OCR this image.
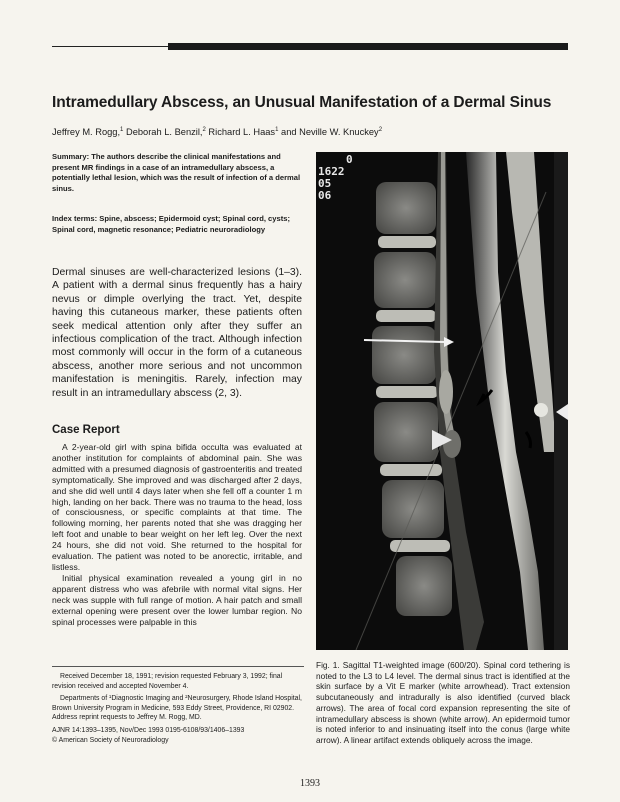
Intramedullary Abscess, an Unusual Manifestation of a Dermal Sinus
Jeffrey M. Rogg,$^1$ Deborah L. Benzil,$^2$ Richard L. Haas$^1$ and Neville W. Knuckey$^2$

Summary: The authors describe the clinical manifestations and present MR findings in a case of an intramedullary abscess, a potentially lethal lesion, which was the result of infection of a dermal sinus.

Index terms: Spine, abscess; Epidermoid cyst; Spinal cord, cysts; Spinal cord, magnetic resonance; Pediatric neuroradiology

Dermal sinuses are well-characterized lesions (1–3). A patient with a dermal sinus frequently has a hairy nevus or dimple overlying the tract. Yet, despite having this cutaneous marker, these patients often seek medical attention only after they suffer an infectious complication of the tract. Although infection most commonly will occur in the form of a cutaneous abscess, another more serious and not uncommon manifestation is meningitis. Rarely, infection may result in an intramedullary abscess (2, 3).

Case Report

A 2-year-old girl with spina bifida occulta was evaluated at another institution for complaints of abdominal pain. She was admitted with a presumed diagnosis of gastroenteritis and treated symptomatically. She improved and was discharged after 2 days, and she did well until 4 days later when she fell off a counter 1 m high, landing on her back. There was no trauma to the head, loss of consciousness, or specific complaints at that time. The following morning, her parents noted that she was dragging her left foot and unable to bear weight on her left leg. Over the next 24 hours, she did not void. She returned to the hospital for evaluation. The patient was noted to be anorectic, irritable, and listless.

Initial physical examination revealed a young girl in no apparent distress who was afebrile with normal vital signs. Her neck was supple with full range of motion. A hair patch and small external opening were present over the lower lumbar region. No spinal processes were palpable in this

Received December 18, 1991; revision requested February 3, 1992; final revision received and accepted November 4.

Departments of ¹Diagnostic Imaging and ²Neurosurgery, Rhode Island Hospital, Brown University Program in Medicine, 593 Eddy Street, Providence, RI 02902. Address reprint requests to Jeffrey M. Rogg, MD.

AJNR 14:1393–1395, Nov/Dec 1993 0195-6108/93/1406–1393

© American Society of Neuroradiology

0
1622
05
06

Fig. 1. Sagittal T1-weighted image (600/20). Spinal cord tethering is noted to the L3 to L4 level. The dermal sinus tract is identified at the skin surface by a Vit E marker (white arrowhead). Tract extension subcutaneously and intradurally is also identified (curved black arrows). The area of focal cord expansion representing the site of intramedullary abscess is shown (white arrow). An epidermoid tumor is noted inferior to and insinuating itself into the conus (large white arrow). A linear artifact extends obliquely across the image.

1393
